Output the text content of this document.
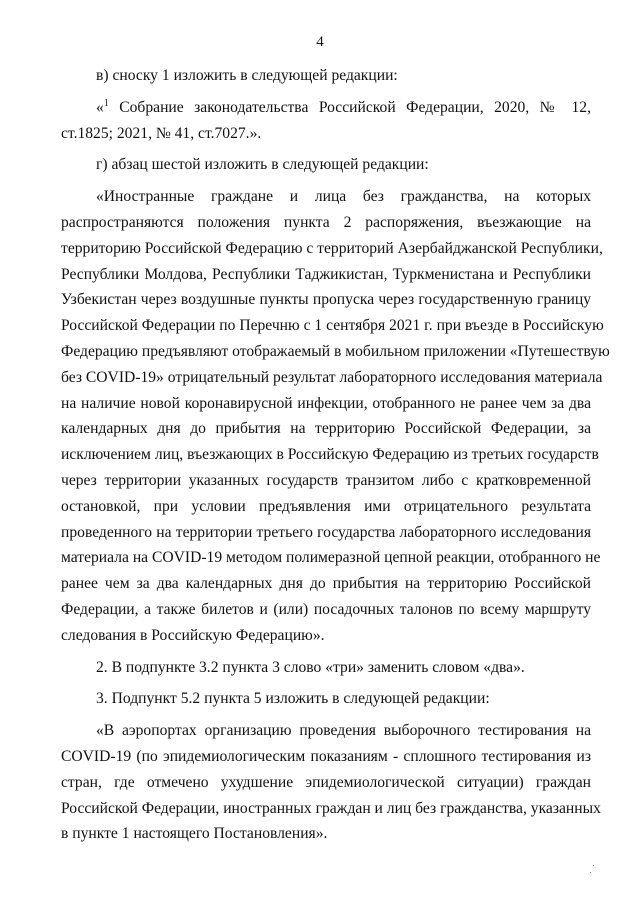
4

в) сноску 1 изложить в следующей редакции:

«$^1$ Собрание законодательства Российской Федерации, 2020, № 12, ст.1825; 2021, № 41, ст.7027.».

г) абзац шестой изложить в следующей редакции:

«Иностранные граждане и лица без гражданства, на которых
распространяются положения пункта 2 распоряжения, въезжающие на
территорию Российской Федерацию с территорий Азербайджанской Республики,
Республики Молдова, Республики Таджикистан, Туркменистана и Республики
Узбекистан через воздушные пункты пропуска через государственную границу
Российской Федерации по Перечню с 1 сентября 2021 г. при въезде в Российскую
Федерацию предъявляют отображаемый в мобильном приложении «Путешествую
без COVID-19» отрицательный результат лабораторного исследования материала
на наличие новой коронавирусной инфекции, отобранного не ранее чем за два
календарных дня до прибытия на территорию Российской Федерации, за
исключением лиц, въезжающих в Российскую Федерацию из третьих государств
через территории указанных государств транзитом либо с кратковременной
остановкой, при условии предъявления ими отрицательного результата
проведенного на территории третьего государства лабораторного исследования
материала на COVID-19 методом полимеразной цепной реакции, отобранного не
ранее чем за два календарных дня до прибытия на территорию Российской
Федерации, а также билетов и (или) посадочных талонов по всему маршруту
следования в Российскую Федерацию».

2. В подпункте 3.2 пункта 3 слово «три» заменить словом «два».

3. Подпункт 5.2 пункта 5 изложить в следующей редакции:

«В аэропортах организацию проведения выборочного тестирования на
COVID-19 (по эпидемиологическим показаниям - сплошного тестирования из
стран, где отмечено ухудшение эпидемиологической ситуации) граждан
Российской Федерации, иностранных граждан и лиц без гражданства, указанных
в пункте 1 настоящего Постановления».
